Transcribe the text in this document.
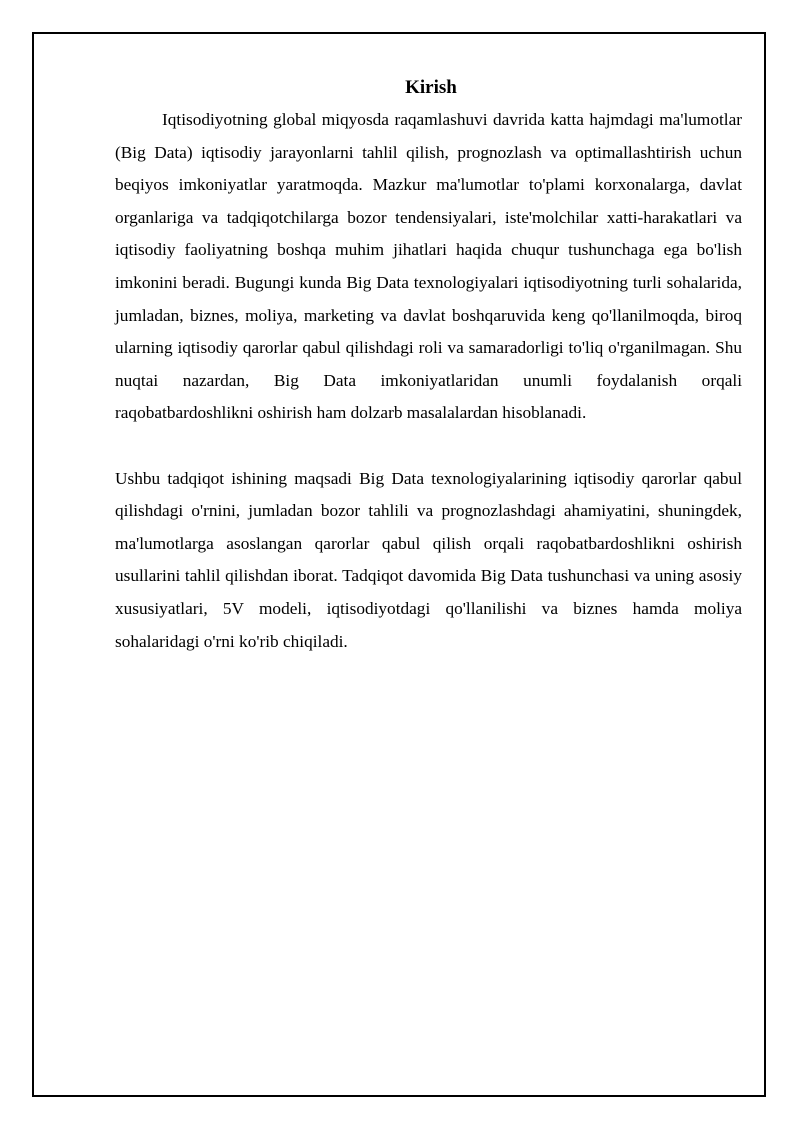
Kirish

Iqtisodiyotning global miqyosda raqamlashuvi davrida katta hajmdagi ma'lumotlar (Big Data) iqtisodiy jarayonlarni tahlil qilish, prognozlash va optimallashtirish uchun beqiyos imkoniyatlar yaratmoqda. Mazkur ma'lumotlar to'plami korxonalarga, davlat organlariga va tadqiqotchilarga bozor tendensiyalari, iste'molchilar xatti-harakatlari va iqtisodiy faoliyatning boshqa muhim jihatlari haqida chuqur tushunchaga ega bo'lish imkonini beradi. Bugungi kunda Big Data texnologiyalari iqtisodiyotning turli sohalarida, jumladan, biznes, moliya, marketing va davlat boshqaruvida keng qo'llanilmoqda, biroq ularning iqtisodiy qarorlar qabul qilishdagi roli va samaradorligi to'liq o'rganilmagan. Shu nuqtai nazardan, Big Data imkoniyatlaridan unumli foydalanish orqali raqobatbardoshlikni oshirish ham dolzarb masalalardan hisoblanadi.

Ushbu tadqiqot ishining maqsadi Big Data texnologiyalarining iqtisodiy qarorlar qabul qilishdagi o'rnini, jumladan bozor tahlili va prognozlashdagi ahamiyatini, shuningdek, ma'lumotlarga asoslangan qarorlar qabul qilish orqali raqobatbardoshlikni oshirish usullarini tahlil qilishdan iborat. Tadqiqot davomida Big Data tushunchasi va uning asosiy xususiyatlari, 5V modeli, iqtisodiyotdagi qo'llanilishi va biznes hamda moliya sohalaridagi o'rni ko'rib chiqiladi.
